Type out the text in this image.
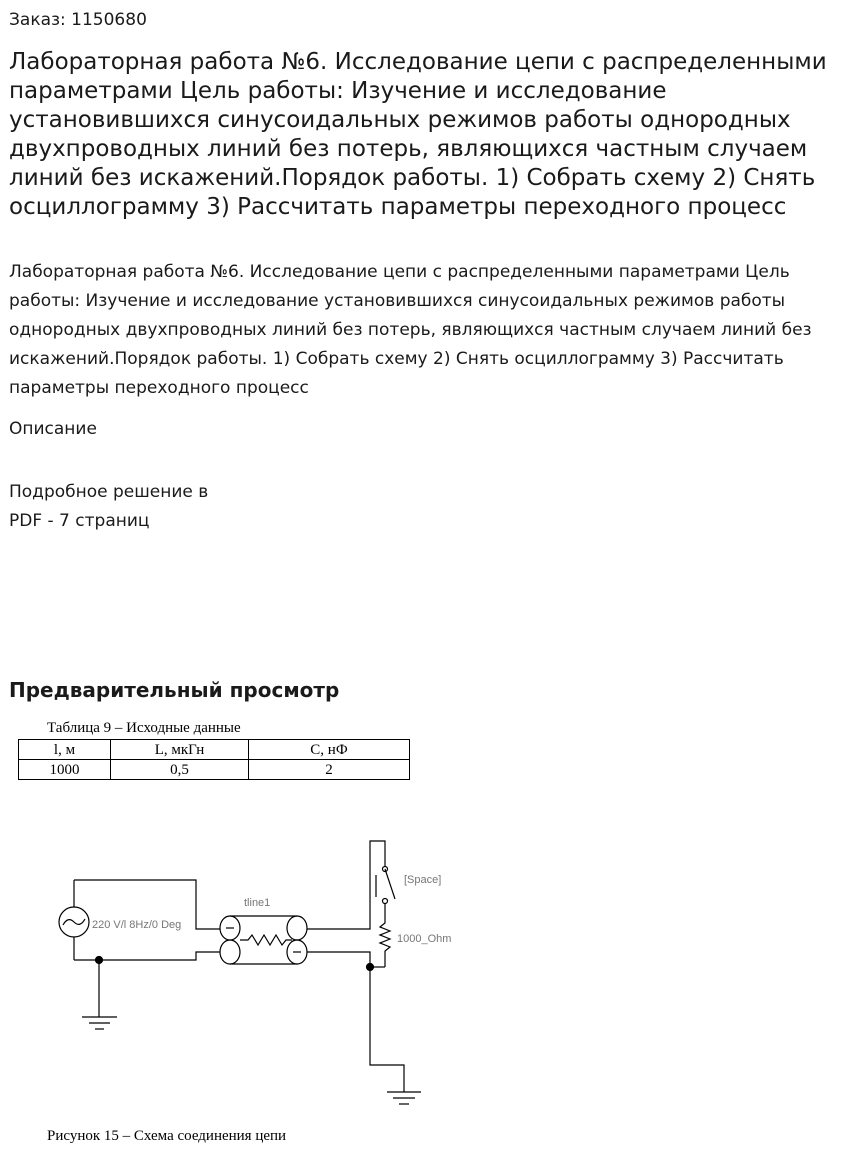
Заказ: 1150680
Лабораторная работа №6. Исследование цепи с распределенными параметрами Цель работы: Изучение и исследование установившихся синусоидальных режимов работы однородных двухпроводных линий без потерь, являющихся частным случаем линий без искажений.Порядок работы. 1) Собрать схему 2) Снять осциллограмму 3) Рассчитать параметры переходного процесс

Лабораторная работа №6. Исследование цепи с распределенными параметрами Цель работы: Изучение и исследование установившихся синусоидальных режимов работы однородных двухпроводных линий без потерь, являющихся частным случаем линий без искажений.Порядок работы. 1) Собрать схему 2) Снять осциллограмму 3) Рассчитать параметры переходного процесс

Описание
Подробное решение в
PDF - 7 страниц
Предварительный просмотр
Таблица 9 – Исходные данные
l, м	L, мкГн	C, нФ
1000	0,5	2
220 V/l 8Hz/0 Deg
tline1
[Space]
1000_Ohm
Рисунок 15 – Схема соединения цепи
